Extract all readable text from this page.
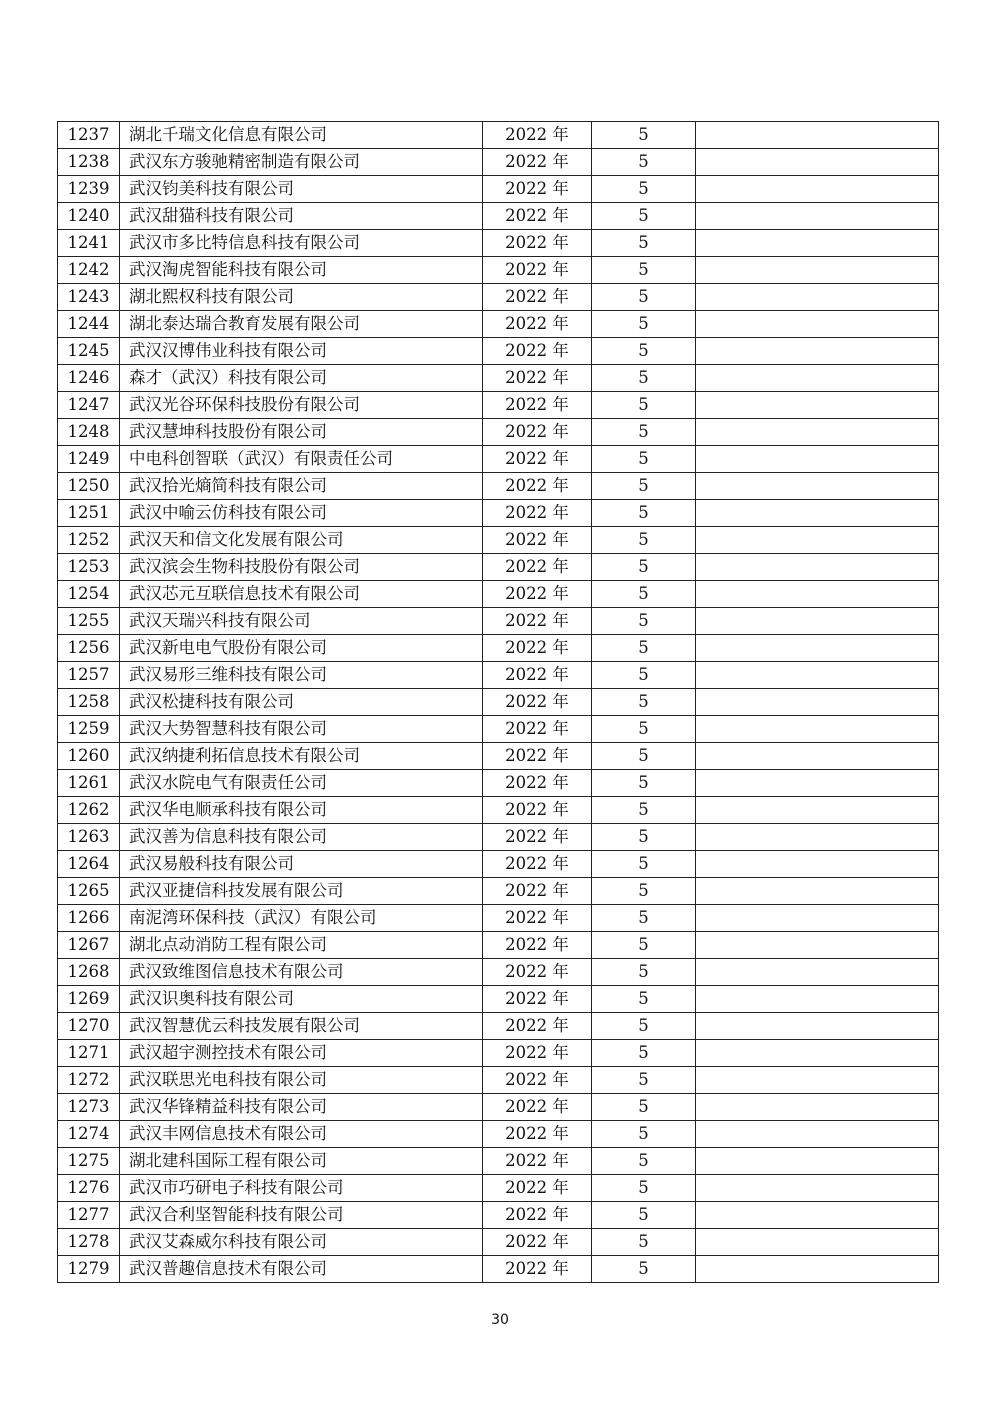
1237	湖北千瑞文化信息有限公司	2022 年	5	
1238	武汉东方骏驰精密制造有限公司	2022 年	5	
1239	武汉钧美科技有限公司	2022 年	5	
1240	武汉甜猫科技有限公司	2022 年	5	
1241	武汉市多比特信息科技有限公司	2022 年	5	
1242	武汉淘虎智能科技有限公司	2022 年	5	
1243	湖北熙权科技有限公司	2022 年	5	
1244	湖北泰达瑞合教育发展有限公司	2022 年	5	
1245	武汉汉博伟业科技有限公司	2022 年	5	
1246	森才（武汉）科技有限公司	2022 年	5	
1247	武汉光谷环保科技股份有限公司	2022 年	5	
1248	武汉慧坤科技股份有限公司	2022 年	5	
1249	中电科创智联（武汉）有限责任公司	2022 年	5	
1250	武汉拾光熵简科技有限公司	2022 年	5	
1251	武汉中喻云仿科技有限公司	2022 年	5	
1252	武汉天和信文化发展有限公司	2022 年	5	
1253	武汉滨会生物科技股份有限公司	2022 年	5	
1254	武汉芯元互联信息技术有限公司	2022 年	5	
1255	武汉天瑞兴科技有限公司	2022 年	5	
1256	武汉新电电气股份有限公司	2022 年	5	
1257	武汉易形三维科技有限公司	2022 年	5	
1258	武汉松捷科技有限公司	2022 年	5	
1259	武汉大势智慧科技有限公司	2022 年	5	
1260	武汉纳捷利拓信息技术有限公司	2022 年	5	
1261	武汉水院电气有限责任公司	2022 年	5	
1262	武汉华电顺承科技有限公司	2022 年	5	
1263	武汉善为信息科技有限公司	2022 年	5	
1264	武汉易般科技有限公司	2022 年	5	
1265	武汉亚捷信科技发展有限公司	2022 年	5	
1266	南泥湾环保科技（武汉）有限公司	2022 年	5	
1267	湖北点动消防工程有限公司	2022 年	5	
1268	武汉致维图信息技术有限公司	2022 年	5	
1269	武汉识奥科技有限公司	2022 年	5	
1270	武汉智慧优云科技发展有限公司	2022 年	5	
1271	武汉超宇测控技术有限公司	2022 年	5	
1272	武汉联思光电科技有限公司	2022 年	5	
1273	武汉华锋精益科技有限公司	2022 年	5	
1274	武汉丰网信息技术有限公司	2022 年	5	
1275	湖北建科国际工程有限公司	2022 年	5	
1276	武汉市巧研电子科技有限公司	2022 年	5	
1277	武汉合利坚智能科技有限公司	2022 年	5	
1278	武汉艾森威尔科技有限公司	2022 年	5	
1279	武汉普趣信息技术有限公司	2022 年	5	
30
